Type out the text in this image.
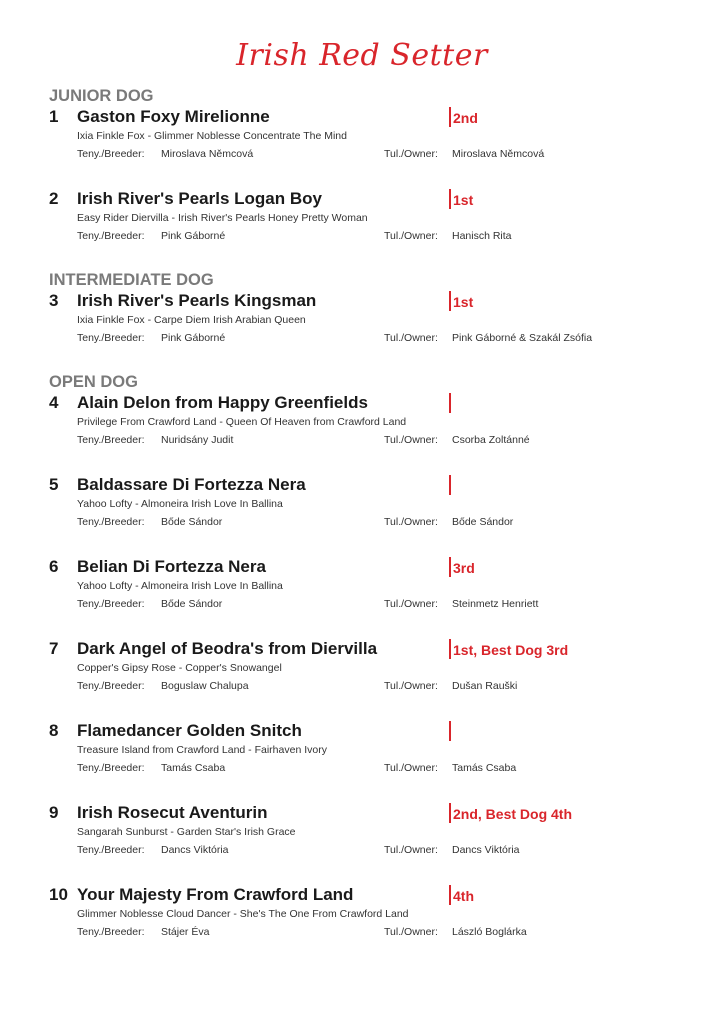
Irish Red Setter
JUNIOR DOG
1 Gaston Foxy Mirelionne	2nd
Ixia Finkle Fox - Glimmer Noblesse Concentrate The Mind
Teny./Breeder: Miroslava Němcová	Tul./Owner: Miroslava Němcová
2 Irish River's Pearls Logan Boy	1st
Easy Rider Diervilla - Irish River's Pearls Honey Pretty Woman
Teny./Breeder: Pink Gáborné	Tul./Owner: Hanisch Rita
INTERMEDIATE DOG
3 Irish River's Pearls Kingsman	1st
Ixia Finkle Fox - Carpe Diem Irish Arabian Queen
Teny./Breeder: Pink Gáborné	Tul./Owner: Pink Gáborné & Szakál Zsófia
OPEN DOG
4 Alain Delon from Happy Greenfields
Privilege From Crawford Land - Queen Of Heaven from Crawford Land
Teny./Breeder: Nuridsány Judit	Tul./Owner: Csorba Zoltánné
5 Baldassare Di Fortezza Nera
Yahoo Lofty - Almoneira Irish Love In Ballina
Teny./Breeder: Bőde Sándor	Tul./Owner: Bőde Sándor
6 Belian Di Fortezza Nera	3rd
Yahoo Lofty - Almoneira Irish Love In Ballina
Teny./Breeder: Bőde Sándor	Tul./Owner: Steinmetz Henriett
7 Dark Angel of Beodra's from Diervilla	1st, Best Dog 3rd
Copper's Gipsy Rose - Copper's Snowangel
Teny./Breeder: Boguslaw Chalupa	Tul./Owner: Dušan Rauški
8 Flamedancer Golden Snitch
Treasure Island from Crawford Land - Fairhaven Ivory
Teny./Breeder: Tamás Csaba	Tul./Owner: Tamás Csaba
9 Irish Rosecut Aventurin	2nd, Best Dog 4th
Sangarah Sunburst - Garden Star's Irish Grace
Teny./Breeder: Dancs Viktória	Tul./Owner: Dancs Viktória
10 Your Majesty From Crawford Land	4th
Glimmer Noblesse Cloud Dancer - She's The One From Crawford Land
Teny./Breeder: Stájer Éva	Tul./Owner: László Boglárka
